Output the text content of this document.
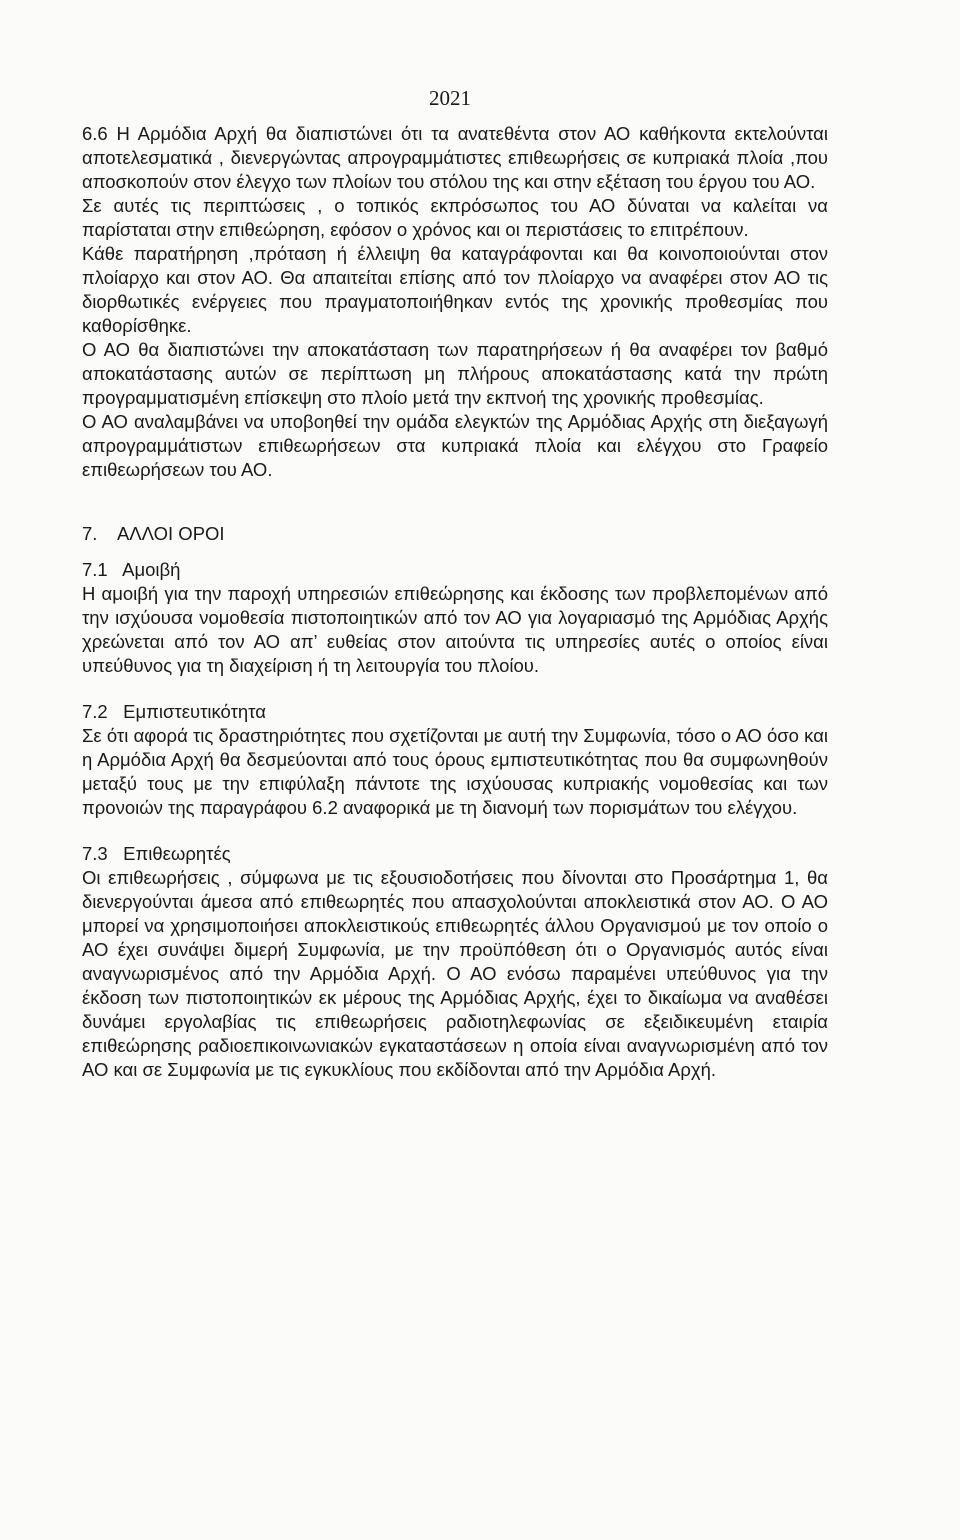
2021

6.6 Η Αρμόδια Αρχή θα διαπιστώνει ότι τα ανατεθέντα στον ΑΟ καθήκοντα εκτελούνται αποτελεσματικά , διενεργώντας απρογραμμάτιστες επιθεωρήσεις σε κυπριακά πλοία ,που αποσκοπούν στον έλεγχο των πλοίων του στόλου της και στην εξέταση του έργου του ΑΟ.

Σε αυτές τις περιπτώσεις , ο τοπικός εκπρόσωπος του ΑΟ δύναται να καλείται να παρίσταται στην επιθεώρηση, εφόσον ο χρόνος και οι περιστάσεις το επιτρέπουν.

Κάθε παρατήρηση ,πρόταση ή έλλειψη θα καταγράφονται και θα κοινοποιούνται στον πλοίαρχο και στον ΑΟ. Θα απαιτείται επίσης από τον πλοίαρχο να αναφέρει στον ΑΟ τις διορθωτικές ενέργειες που πραγματοποιήθηκαν εντός της χρονικής προθεσμίας που καθορίσθηκε.

Ο ΑΟ θα διαπιστώνει την αποκατάσταση των παρατηρήσεων ή θα αναφέρει τον βαθμό αποκατάστασης αυτών σε περίπτωση μη πλήρους αποκατάστασης κατά την πρώτη προγραμματισμένη επίσκεψη στο πλοίο μετά την εκπνοή της χρονικής προθεσμίας.

Ο ΑΟ αναλαμβάνει να υποβοηθεί την ομάδα ελεγκτών της Αρμόδιας Αρχής στη διεξαγωγή απρογραμμάτιστων επιθεωρήσεων στα κυπριακά πλοία και ελέγχου στο Γραφείο επιθεωρήσεων του ΑΟ.

7.    ΑΛΛΟΙ ΟΡΟΙ

7.1   Αμοιβή

Η αμοιβή για την παροχή υπηρεσιών επιθεώρησης και έκδοσης των προβλεπομένων από την ισχύουσα νομοθεσία πιστοποιητικών από τον ΑΟ για λογαριασμό της Αρμόδιας Αρχής χρεώνεται από τον ΑΟ απ’ ευθείας στον αιτούντα τις υπηρεσίες αυτές ο οποίος είναι υπεύθυνος για τη διαχείριση ή τη λειτουργία του πλοίου.

7.2   Εμπιστευτικότητα

Σε ότι αφορά τις δραστηριότητες που σχετίζονται με αυτή την Συμφωνία, τόσο ο ΑΟ όσο και η Αρμόδια Αρχή θα δεσμεύονται από τους όρους εμπιστευτικότητας που θα συμφωνηθούν μεταξύ τους με την επιφύλαξη πάντοτε της ισχύουσας κυπριακής νομοθεσίας και των προνοιών της παραγράφου 6.2 αναφορικά με τη διανομή των πορισμάτων του ελέγχου.

7.3   Επιθεωρητές

Οι επιθεωρήσεις , σύμφωνα με τις εξουσιοδοτήσεις που δίνονται στο Προσάρτημα 1, θα διενεργούνται άμεσα από επιθεωρητές που απασχολούνται αποκλειστικά στον ΑΟ. Ο ΑΟ μπορεί να χρησιμοποιήσει αποκλειστικούς επιθεωρητές άλλου Οργανισμού με τον οποίο ο ΑΟ έχει συνάψει διμερή Συμφωνία, με την προϋπόθεση ότι ο Οργανισμός αυτός είναι αναγνωρισμένος από την Αρμόδια Αρχή. Ο ΑΟ ενόσω παραμένει υπεύθυνος για την έκδοση των πιστοποιητικών εκ μέρους της Αρμόδιας Αρχής, έχει το δικαίωμα να αναθέσει δυνάμει εργολαβίας τις επιθεωρήσεις ραδιοτηλεφωνίας σε εξειδικευμένη εταιρία επιθεώρησης ραδιοεπικοινωνιακών εγκαταστάσεων η οποία είναι αναγνωρισμένη από τον ΑΟ και σε Συμφωνία με τις εγκυκλίους που εκδίδονται από την Αρμόδια Αρχή.
